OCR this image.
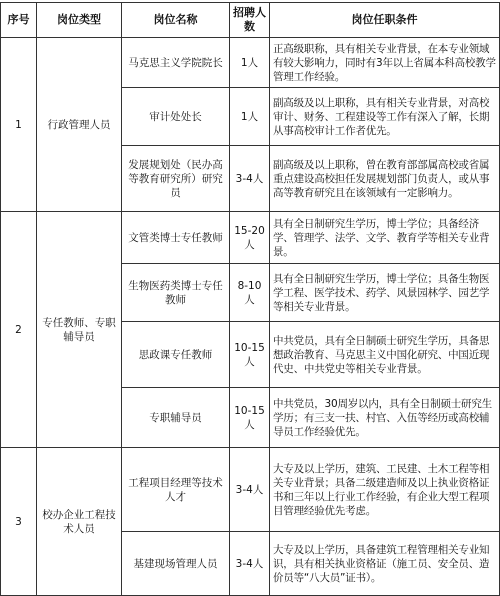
序号	岗位类型	岗位名称	招聘人数	岗位任职条件
1	行政管理人员	马克思主义学院院长	1人	正高级职称，具有相关专业背景，在本专业领域有较大影响力，同时有3年以上省属本科高校教学管理工作经验。
		审计处处长	1人	副高级及以上职称，具有相关专业背景，对高校审计、财务、工程建设等工作有深入了解，长期从事高校审计工作者优先。
		发展规划处（民办高等教育研究所）研究员	3-4人	副高级及以上职称，曾在教育部部属高校或省属重点建设高校担任发展规划部门负责人，或从事高等教育研究且在该领域有一定影响力。
2	专任教师、专职辅导员	文管类博士专任教师	15-20人	具有全日制研究生学历，博士学位；具备经济学、管理学、法学、文学、教育学等相关专业背景。
		生物医药类博士专任教师	8-10人	具有全日制研究生学历，博士学位；具备生物医学工程、医学技术、药学、风景园林学、园艺学等相关专业背景。
		思政课专任教师	10-15人	中共党员，具有全日制硕士研究生学历，具备思想政治教育、马克思主义中国化研究、中国近现代史、中共党史等相关专业背景。
		专职辅导员	10-15人	中共党员，30周岁以内，具有全日制硕士研究生学历；有三支一扶、村官、入伍等经历或高校辅导员工作经验优先。
3	校办企业工程技术人员	工程项目经理等技术人才	3-4人	大专及以上学历，建筑、工民建、土木工程等相关专业背景；具备二级建造师及以上执业资格证书和三年以上行业工作经验，有企业大型工程项目管理经验优先考虑。
		基建现场管理人员	3-4人	大专及以上学历，具备建筑工程管理相关专业知识，具有相关执业资格证（施工员、安全员、造价员等“八大员”证书）。
